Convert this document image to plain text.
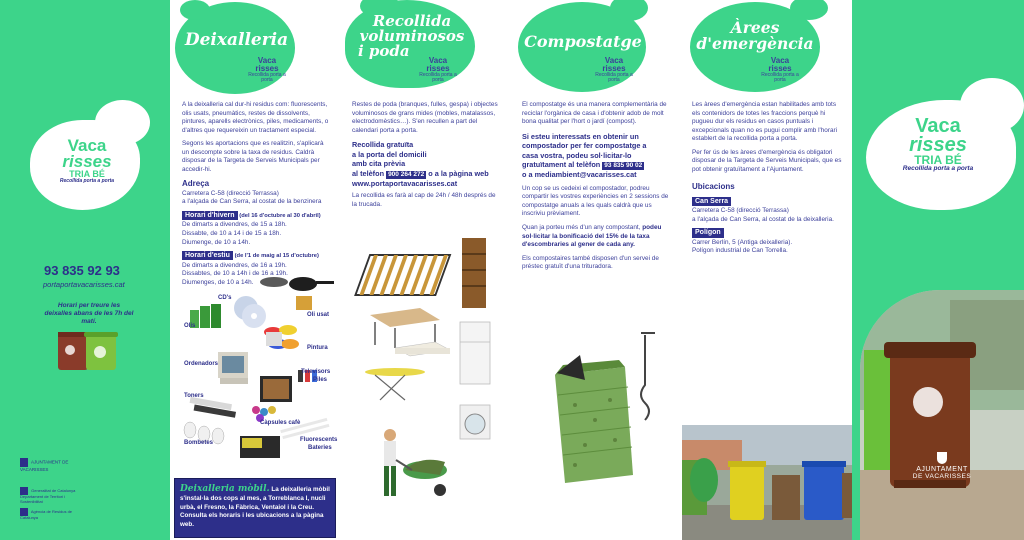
Vaca
risses
TRIA BÉ
Recollida porta a porta
93 835 92 93
portaportavacarisses.cat
Horari per treure les deixalles abans de les 7h del matí.
AJUNTAMENT DE VACARISSES
Generalitat de Catalunya Departament de Territori i Sostenibilitat
Agència de Residus de Catalunya
Deixalleria
Vaca
risses
Recollida porta a porta

A la deixalleria cal dur-hi residus com: fluorescents, olis usats, pneumàtics, restes de dissolvents, pintures, aparells electrònics, piles, medicaments, o d'altres que requereixin un tractament especial.

Segons les aportacions que es realitzin, s'aplicarà un descompte sobre la taxa de residus. Caldrà disposar de la Targeta de Serveis Municipals per accedir-hi.

Adreça
Carretera C-58 (direcció Terrassa)
a l'alçada de Can Serra, al costat de la benzinera
Horari d'hivern (del 16 d'octubre al 30 d'abril)
De dimarts a divendres, de 15 a 18h.
Dissabte, de 10 a 14 i de 15 a 18h.
Diumenge, de 10 a 14h.
Horari d'estiu (de l'1 de maig al 15 d'octubre)
De dimarts a divendres, de 16 a 19h.
Dissabtes, de 10 a 14h i de 16 a 19h.
Diumenges, de 10 a 14h.
CD's
Oli usat
Olis
Pintura
Ordenadors
Televisors
Piles
Toners
Càpsules cafè
Bombetes	Fluorescents
Bateries
Deixalleria mòbil. La deixalleria mòbil s'instal·la dos cops al mes, a Torreblanca I, nucli urbà, el Fresno, la Fàbrica, Ventaiol i la Creu. Consulta els horaris i les ubicacions a la pàgina web.
Recollida
voluminosos
i poda
Vaca
risses
Recollida porta a porta

Restes de poda (branques, fulles, gespa) i objectes voluminosos de grans mides (mobles, matalassos, electrodomèstics…). S'en recullen a part del calendari porta a porta.

Recollida gratuïta
a la porta del domicili
amb cita prèvia
al telèfon 900 264 272 o a la pàgina web
www.portaportavacarisses.cat

La recollida es farà al cap de 24h / 48h després de la trucada.

Compostatge
Vaca
risses
Recollida porta a porta

El compostatge és una manera complementària de reciclar l'orgànica de casa i d'obtenir adob de molt bona qualitat per l'hort o jardí (compost).

Si esteu interessats en obtenir un
compostador per fer compostatge a
casa vostra, podeu sol·licitar-lo
gratuïtament al telèfon 93 835 90 02
o a mediambient@vacarisses.cat

Un cop se us cedeixi el compostador, podreu compartir les vostres experiències en 2 sessions de compostatge anuals a les quals caldrà que us inscriviu prèviament.

Quan ja porteu més d'un any compostant, podeu sol·licitar la bonificació del 15% de la taxa d'escombraries al gener de cada any.

Els compostaires també disposen d'un servei de préstec gratuït d'una trituradora.

Àrees
d'emergència
Vaca
risses
Recollida porta a porta

Les àrees d'emergència estan habilitades amb tots els contenidors de totes les fraccions perquè hi pugueu dur els residus en casos puntuals i excepcionals quan no es pugui complir amb l'horari establert de la recollida porta a porta.

Per fer ús de les àrees d'emergència és obligatori disposar de la Targeta de Serveis Municipals, que es pot obtenir gratuïtament a l'Ajuntament.

Ubicacions
Can Serra
Carretera C-58 (direcció Terrassa)
a l'alçada de Can Serra, al costat de la deixalleria.
Polígon
Carrer Berlín, 5 (Antiga deixalleria).
Polígon industrial de Can Torrella.
Vaca
risses
TRIA BÉ
Recollida porta a porta
AJUNTAMENT
DE VACARISSES
